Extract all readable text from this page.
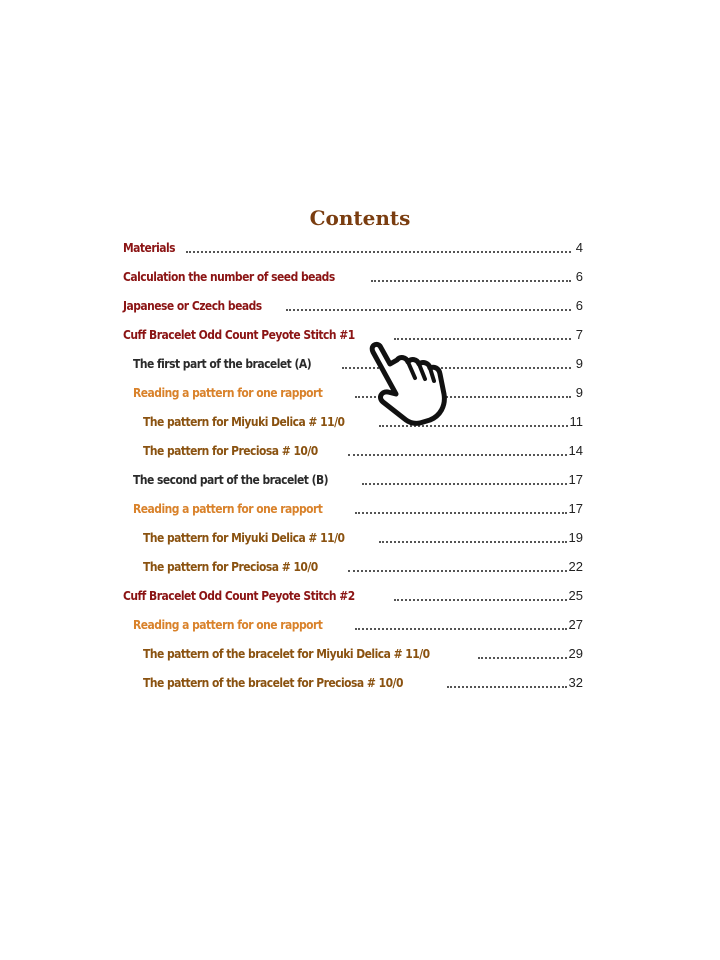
Contents
Materials	4
Calculation the number of seed beads	6
Japanese or Czech beads	6
Cuff Bracelet Odd Count Peyote Stitch #1	7
The first part of the bracelet (A)	9
Reading a pattern for one rapport	9
The pattern for Miyuki Delica # 11/0	11
The pattern for Preciosa # 10/0	14
The second part of the bracelet (B)	17
Reading a pattern for one rapport	17
The pattern for Miyuki Delica # 11/0	19
The pattern for Preciosa # 10/0	22
Cuff Bracelet Odd Count Peyote Stitch #2	25
Reading a pattern for one rapport	27
The pattern of the bracelet for Miyuki Delica # 11/0	29
The pattern of the bracelet for Preciosa # 10/0	32
